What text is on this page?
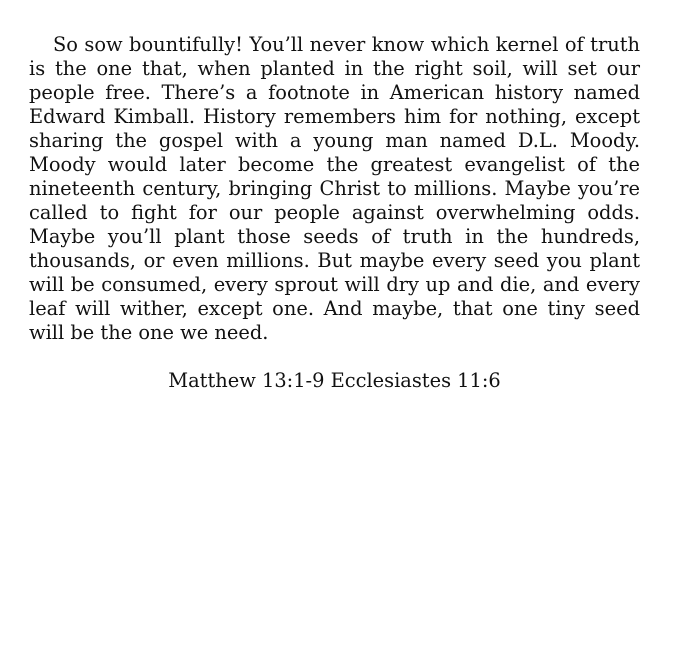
So sow bountifully! You’ll never know which kernel of truth is the one that, when planted in the right soil, will set our people free. There’s a footnote in American history named Edward Kimball. History remembers him for nothing, except sharing the gospel with a young man named D.L. Moody. Moody would later become the greatest evangelist of the nineteenth century, bringing Christ to millions. Maybe you’re called to fight for our people against overwhelming odds. Maybe you’ll plant those seeds of truth in the hundreds, thousands, or even millions. But maybe every seed you plant will be consumed, every sprout will dry up and die, and every leaf will wither, except one. And maybe, that one tiny seed will be the one we need.

Matthew 13:1-9 Ecclesiastes 11:6
